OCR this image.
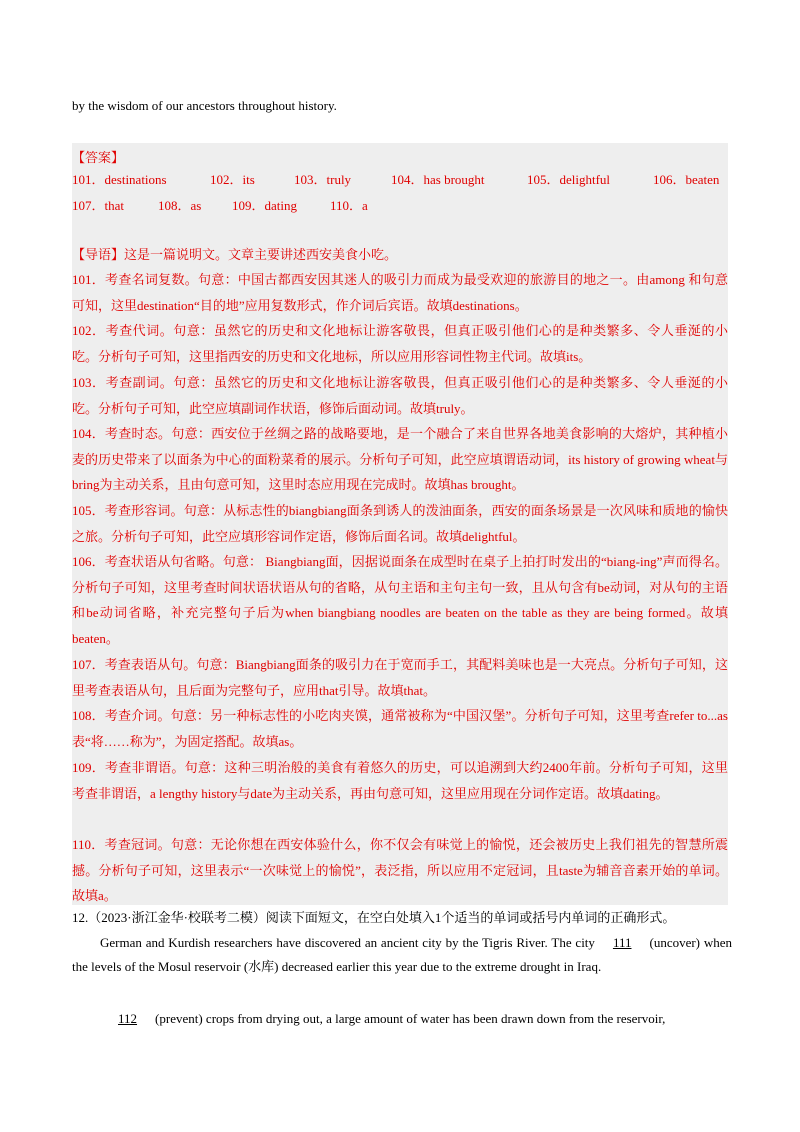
by the wisdom of our ancestors throughout history.
【答案】
101．destinations	102．its	103．truly	104．has brought	105．delightful	106．beaten
107．that	108．as 109．dating	110．a

【导语】这是一篇说明文。文章主要讲述西安美食小吃。

101．考查名词复数。句意：中国古都西安因其迷人的吸引力而成为最受欢迎的旅游目的地之一。由among 和句意可知，这里destination“目的地”应用复数形式，作介词后宾语。故填destinations。

102．考查代词。句意：虽然它的历史和文化地标让游客敬畏，但真正吸引他们心的是种类繁多、令人垂涎的小吃。分析句子可知，这里指西安的历史和文化地标，所以应用形容词性物主代词。故填its。

103．考查副词。句意：虽然它的历史和文化地标让游客敬畏，但真正吸引他们心的是种类繁多、令人垂涎的小吃。分析句子可知，此空应填副词作状语，修饰后面动词。故填truly。

104．考查时态。句意：西安位于丝绸之路的战略要地，是一个融合了来自世界各地美食影响的大熔炉，其种植小麦的历史带来了以面条为中心的面粉菜肴的展示。分析句子可知，此空应填谓语动词，its history of growing wheat与bring为主动关系，且由句意可知，这里时态应用现在完成时。故填has brought。

105．考查形容词。句意：从标志性的biangbiang面条到诱人的泼油面条，西安的面条场景是一次风味和质地的愉快之旅。分析句子可知，此空应填形容词作定语，修饰后面名词。故填delightful。

106．考查状语从句省略。句意： Biangbiang面，因据说面条在成型时在桌子上拍打时发出的“biang-ing”声而得名。分析句子可知，这里考查时间状语状语从句的省略，从句主语和主句主句一致，且从句含有be动词，对从句的主语和be动词省略，补充完整句子后为when biangbiang noodles are beaten on the table as they are being formed。故填beaten。

107．考查表语从句。句意：Biangbiang面条的吸引力在于宽而手工，其配料美味也是一大亮点。分析句子可知，这里考查表语从句，且后面为完整句子，应用that引导。故填that。

108．考查介词。句意：另一种标志性的小吃肉夹馍，通常被称为“中国汉堡”。分析句子可知，这里考查refer to...as表“将……称为”，为固定搭配。故填as。

109．考查非谓语。句意：这种三明治般的美食有着悠久的历史，可以追溯到大约2400年前。分析句子可知，这里考查非谓语，a lengthy history与date为主动关系，再由句意可知，这里应用现在分词作定语。故填dating。

110．考查冠词。句意：无论你想在西安体验什么，你不仅会有味觉上的愉悦，还会被历史上我们祖先的智慧所震撼。分析句子可知，这里表示“一次味觉上的愉悦”，表泛指，所以应用不定冠词，且taste为辅音音素开始的单词。故填a。

12.（2023·浙江金华·校联考二模）阅读下面短文，在空白处填入1个适当的单词或括号内单词的正确形式。
German and Kurdish researchers have discovered an ancient city by the Tigris River. The city 111 (uncover) when the levels of the Mosul reservoir (水库) decreased earlier this year due to the extreme drought in Iraq.
112 (prevent) crops from drying out, a large amount of water has been drawn down from the reservoir,
